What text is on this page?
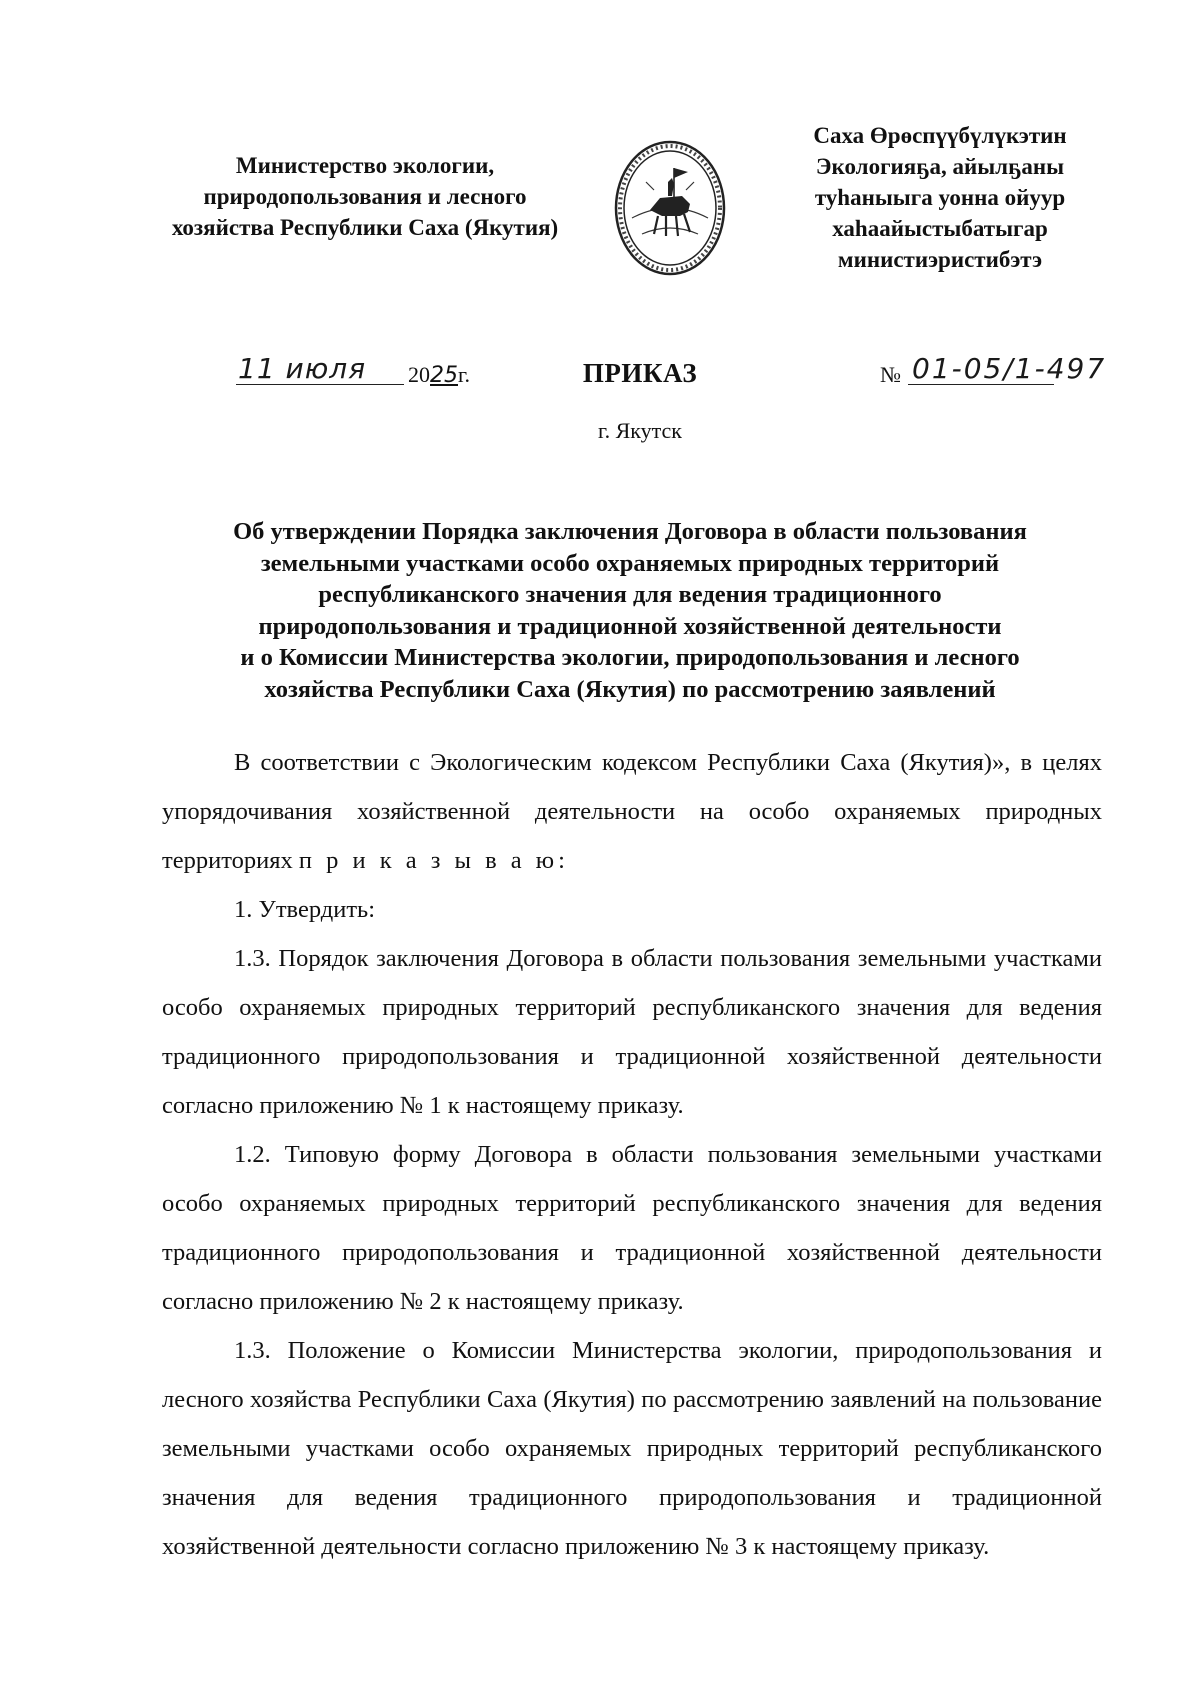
Министерство экологии,
природопользования и лесного
хозяйства Республики Саха (Якутия)
Саха Өрөспүүбүлүкэтин
Экологияҕа, айылҕаны
туһаныыга уонна ойуур
хаһаайыстыбатыгар
министиэристибэтэ
ПРИКАЗ
г. Якутск
11 июля 2025г.	№ 01-05/1-497
Об утверждении Порядка заключения Договора в области пользования
земельными участками особо охраняемых природных территорий
республиканского значения для ведения традиционного
природопользования и традиционной хозяйственной деятельности
и о Комиссии Министерства экологии, природопользования и лесного
хозяйства Республики Саха (Якутия) по рассмотрению заявлений

В соответствии с Экологическим кодексом Республики Саха (Якутия)», в целях упорядочивания хозяйственной деятельности на особо охраняемых природных территориях п р и к а з ы в а ю:

1. Утвердить:

1.3. Порядок заключения Договора в области пользования земельными участками особо охраняемых природных территорий республиканского значения для ведения традиционного природопользования и традиционной хозяйственной деятельности согласно приложению № 1 к настоящему приказу.

1.2. Типовую форму Договора в области пользования земельными участками особо охраняемых природных территорий республиканского значения для ведения традиционного природопользования и традиционной хозяйственной деятельности согласно приложению № 2 к настоящему приказу.

1.3. Положение о Комиссии Министерства экологии, природопользования и лесного хозяйства Республики Саха (Якутия) по рассмотрению заявлений на пользование земельными участками особо охраняемых природных территорий республиканского значения для ведения традиционного природопользования и традиционной хозяйственной деятельности согласно приложению № 3 к настоящему приказу.
